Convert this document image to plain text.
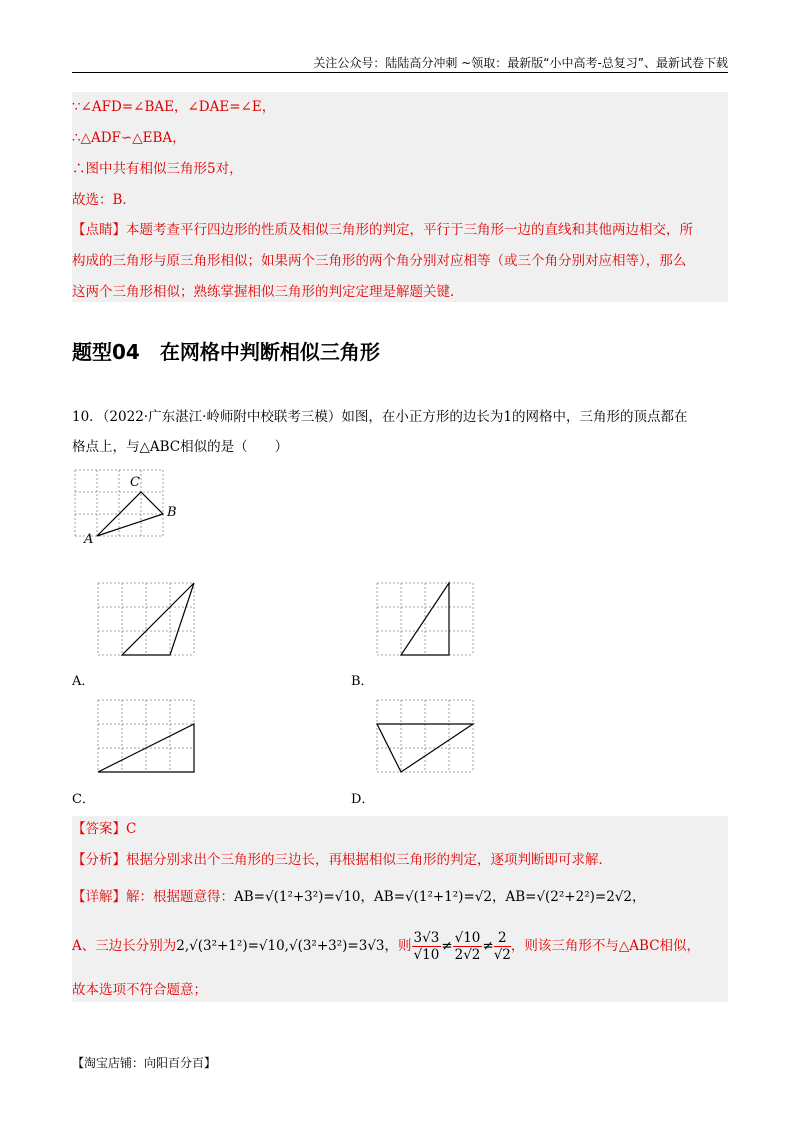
关注公众号：陆陆高分冲刺 ~领取：最新版“小中高考-总复习”、最新试卷下载
∵∠AFD=∠BAE，∠DAE=∠E，
∴△ADF∽△EBA，
∴图中共有相似三角形5对，
故选：B．
【点睛】本题考查平行四边形的性质及相似三角形的判定，平行于三角形一边的直线和其他两边相交，所
构成的三角形与原三角形相似；如果两个三角形的两个角分别对应相等（或三个角分别对应相等），那么
这两个三角形相似；熟练掌握相似三角形的判定定理是解题关键．
题型04　在网格中判断相似三角形
10．（2022·广东湛江·岭师附中校联考三模）如图，在小正方形的边长为1的网格中，三角形的顶点都在
格点上，与△ABC相似的是（　　）
C
B
A
A．	B．
C．	D．
【答案】C
【分析】根据分别求出个三角形的三边长，再根据相似三角形的判定，逐项判断即可求解．
【详解】解：根据题意得：AB=√(1²+3²)=√10，AB=√(1²+1²)=√2，AB=√(2²+2²)=2√2，
A、三边长分别为2,√(3²+1²)=√10,√(3²+3²)=3√3，则 $\frac{3√3}{√10} \ne \frac{√10}{2√2} \ne \frac{2}{√2}$ ，则该三角形不与△ABC相似，
故本选项不符合题意；
【淘宝店铺：向阳百分百】
